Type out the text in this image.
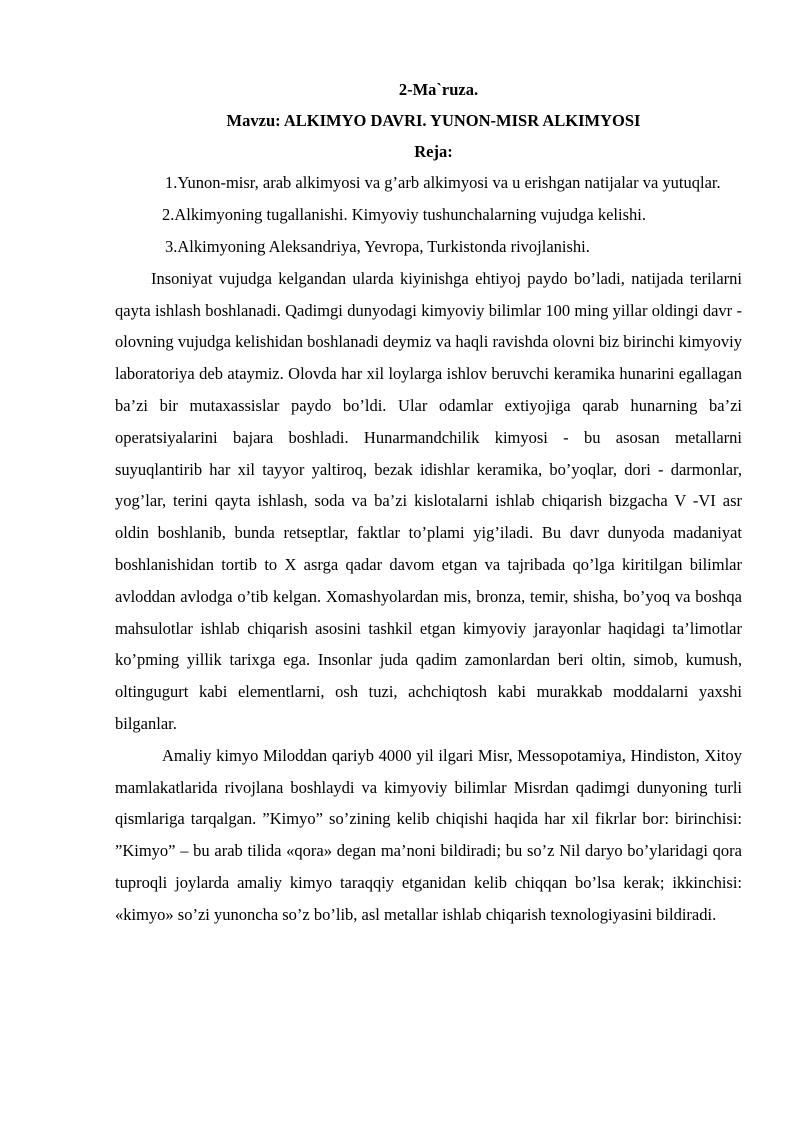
2-Ma`ruza.
Mavzu: ALKIMYO DAVRI. YUNON-MISR ALKIMYOSI
Reja:

1.Yunon-misr, arab alkimyosi va g’arb alkimyosi va u erishgan natijalar va yutuqlar.

2.Alkimyoning tugallanishi. Kimyoviy tushunchalarning vujudga kelishi.

3.Alkimyoning Aleksandriya, Yevropa, Turkistonda rivojlanishi.

Insoniyat vujudga kelgandan ularda kiyinishga ehtiyoj paydo bo’ladi, natijada terilarni qayta ishlash boshlanadi. Qadimgi dunyodagi kimyoviy bilimlar 100 ming yillar oldingi davr - olovning vujudga kelishidan boshlanadi deymiz va haqli ravishda olovni biz birinchi kimyoviy laboratoriya deb ataymiz. Olovda har xil loylarga ishlov beruvchi keramika hunarini egallagan ba’zi bir mutaxassislar paydo bo’ldi. Ular odamlar extiyojiga qarab hunarning ba’zi operatsiyalarini bajara boshladi. Hunarmandchilik kimyosi - bu asosan metallarni suyuqlantirib har xil tayyor yaltiroq, bezak idishlar keramika, bo’yoqlar, dori - darmonlar, yog’lar, terini qayta ishlash, soda va ba’zi kislotalarni ishlab chiqarish bizgacha V -VI asr oldin boshlanib, bunda retseptlar, faktlar to’plami yig’iladi. Bu davr dunyoda madaniyat boshlanishidan tortib to X asrga qadar davom etgan va tajribada qo’lga kiritilgan bilimlar avloddan avlodga o’tib kelgan. Xomashyolardan mis, bronza, temir, shisha, bo’yoq va boshqa mahsulotlar ishlab chiqarish asosini tashkil etgan kimyoviy jarayonlar haqidagi ta’limotlar ko’pming yillik tarixga ega. Insonlar juda qadim zamonlardan beri oltin, simob, kumush, oltingugurt kabi elementlarni, osh tuzi, achchiqtosh kabi murakkab moddalarni yaxshi bilganlar.

Amaliy kimyo Miloddan qariyb 4000 yil ilgari Misr, Messopotamiya, Hindiston, Xitoy mamlakatlarida rivojlana boshlaydi va kimyoviy bilimlar Misrdan qadimgi dunyoning turli qismlariga tarqalgan. ”Kimyo” so’zining kelib chiqishi haqida har xil fikrlar bor: birinchisi: ”Kimyo” – bu arab tilida «qora» degan ma’noni bildiradi; bu so’z Nil daryo bo’ylaridagi qora tuproqli joylarda amaliy kimyo taraqqiy etganidan kelib chiqqan bo’lsa kerak; ikkinchisi: «kimyo» so’zi yunoncha so’z bo’lib, asl metallar ishlab chiqarish texnologiyasini bildiradi.
